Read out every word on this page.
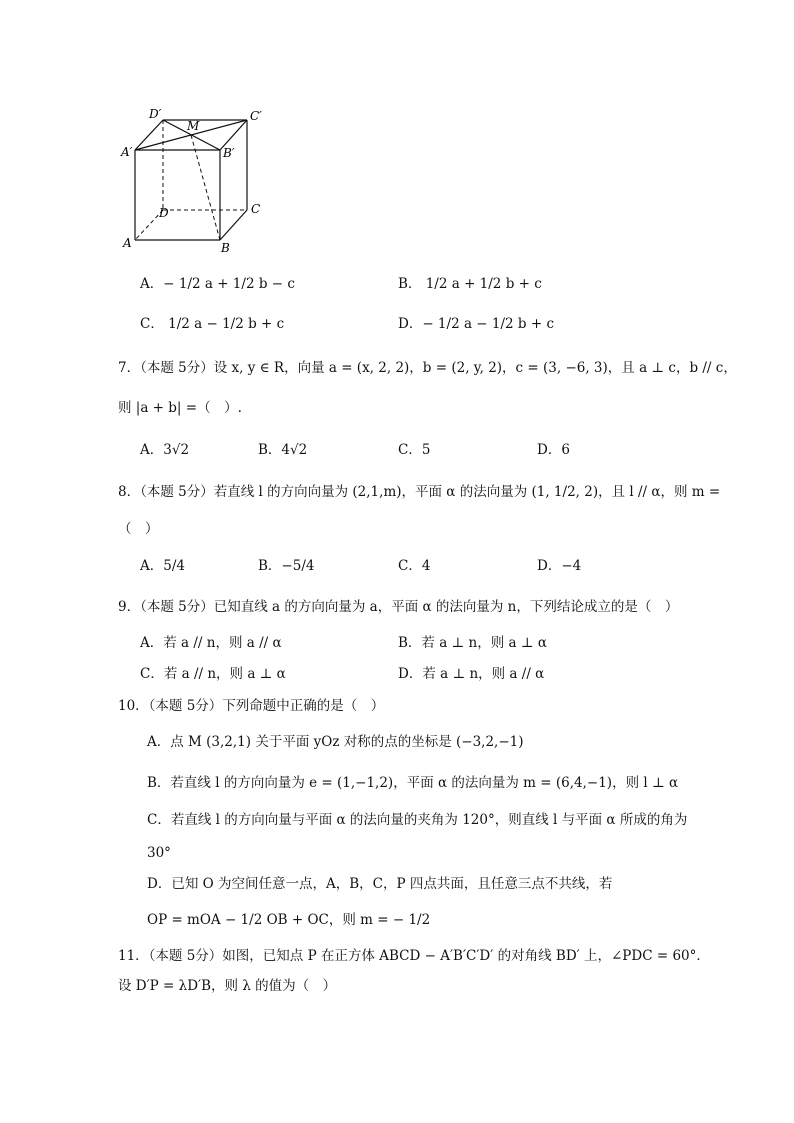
D′	C′
M
A′	B′
D	C
A	B
A．− 1/2 a + 1/2 b − c	B． 1/2 a + 1/2 b + c
C． 1/2 a − 1/2 b + c	D．− 1/2 a − 1/2 b + c
7．（本题 5分）设 x, y ∈ R，向量 a = (x, 2, 2)，b = (2, y, 2)，c = (3, −6, 3)，且 a ⊥ c，b // c，
则 |a + b| =（　）.
A．3√2	B．4√2	C．5	D．6
8．（本题 5分）若直线 l 的方向向量为 (2,1,m)，平面 α 的法向量为 (1, 1/2, 2)，且 l // α，则 m =
（　）
A．5/4	B．−5/4	C．4	D．−4
9．（本题 5分）已知直线 a 的方向向量为 a，平面 α 的法向量为 n，下列结论成立的是（　）
A．若 a // n，则 a // α	B．若 a ⊥ n，则 a ⊥ α
C．若 a // n，则 a ⊥ α	D．若 a ⊥ n，则 a // α
10．（本题 5分）下列命题中正确的是（　）
A．点 M (3,2,1) 关于平面 yOz 对称的点的坐标是 (−3,2,−1)
B．若直线 l 的方向向量为 e = (1,−1,2)，平面 α 的法向量为 m = (6,4,−1)，则 l ⊥ α
C．若直线 l 的方向向量与平面 α 的法向量的夹角为 120°，则直线 l 与平面 α 所成的角为
30°
D．已知 O 为空间任意一点，A，B，C，P 四点共面，且任意三点不共线，若
OP = mOA − 1/2 OB + OC，则 m = − 1/2
11．（本题 5分）如图，已知点 P 在正方体 ABCD − A′B′C′D′ 的对角线 BD′ 上，∠PDC = 60°．
设 D′P = λD′B，则 λ 的值为（　）
